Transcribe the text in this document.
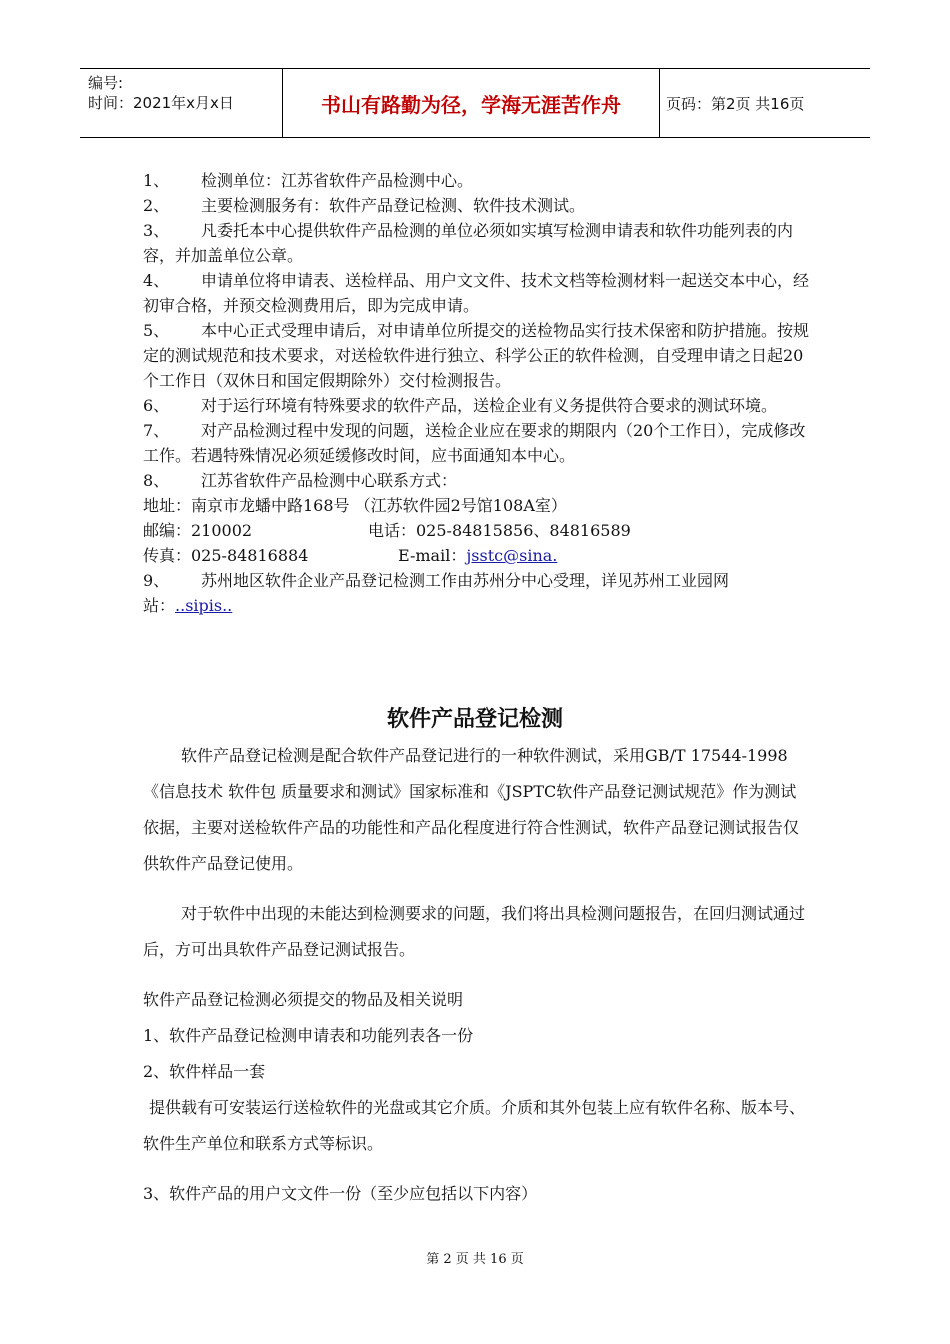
编号:
时间：2021年x月x日	书山有路勤为径，学海无涯苦作舟	页码：第2页 共16页

1、 检测单位：江苏省软件产品检测中心。

2、 主要检测服务有：软件产品登记检测、软件技术测试。

3、 凡委托本中心提供软件产品检测的单位必须如实填写检测申请表和软件功能列表的内容，并加盖单位公章。

4、 申请单位将申请表、送检样品、用户文文件、技术文档等检测材料一起送交本中心，经初审合格，并预交检测费用后，即为完成申请。

5、 本中心正式受理申请后，对申请单位所提交的送检物品实行技术保密和防护措施。按规定的测试规范和技术要求，对送检软件进行独立、科学公正的软件检测，自受理申请之日起20个工作日（双休日和国定假期除外）交付检测报告。

6、 对于运行环境有特殊要求的软件产品，送检企业有义务提供符合要求的测试环境。

7、 对产品检测过程中发现的问题，送检企业应在要求的期限内（20个工作日），完成修改工作。若遇特殊情况必须延缓修改时间，应书面通知本中心。

8、 江苏省软件产品检测中心联系方式：

地址：南京市龙蟠中路168号 （江苏软件园2号馆108A室）

邮编：210002	电话：025-84815856、84816589

传真：025-84816884	E-mail：jsstc@sina.

9、 苏州地区软件企业产品登记检测工作由苏州分中心受理，详见苏州工业园网站：..sipis..

软件产品登记检测

软件产品登记检测是配合软件产品登记进行的一种软件测试，采用GB/T 17544-1998 《信息技术 软件包 质量要求和测试》国家标准和《JSPTC软件产品登记测试规范》作为测试依据，主要对送检软件产品的功能性和产品化程度进行符合性测试，软件产品登记测试报告仅供软件产品登记使用。

对于软件中出现的未能达到检测要求的问题，我们将出具检测问题报告，在回归测试通过后，方可出具软件产品登记测试报告。

软件产品登记检测必须提交的物品及相关说明

1、软件产品登记检测申请表和功能列表各一份

2、软件样品一套

提供载有可安装运行送检软件的光盘或其它介质。介质和其外包装上应有软件名称、版本号、软件生产单位和联系方式等标识。

3、软件产品的用户文文件一份（至少应包括以下内容）

第 2 页 共 16 页
